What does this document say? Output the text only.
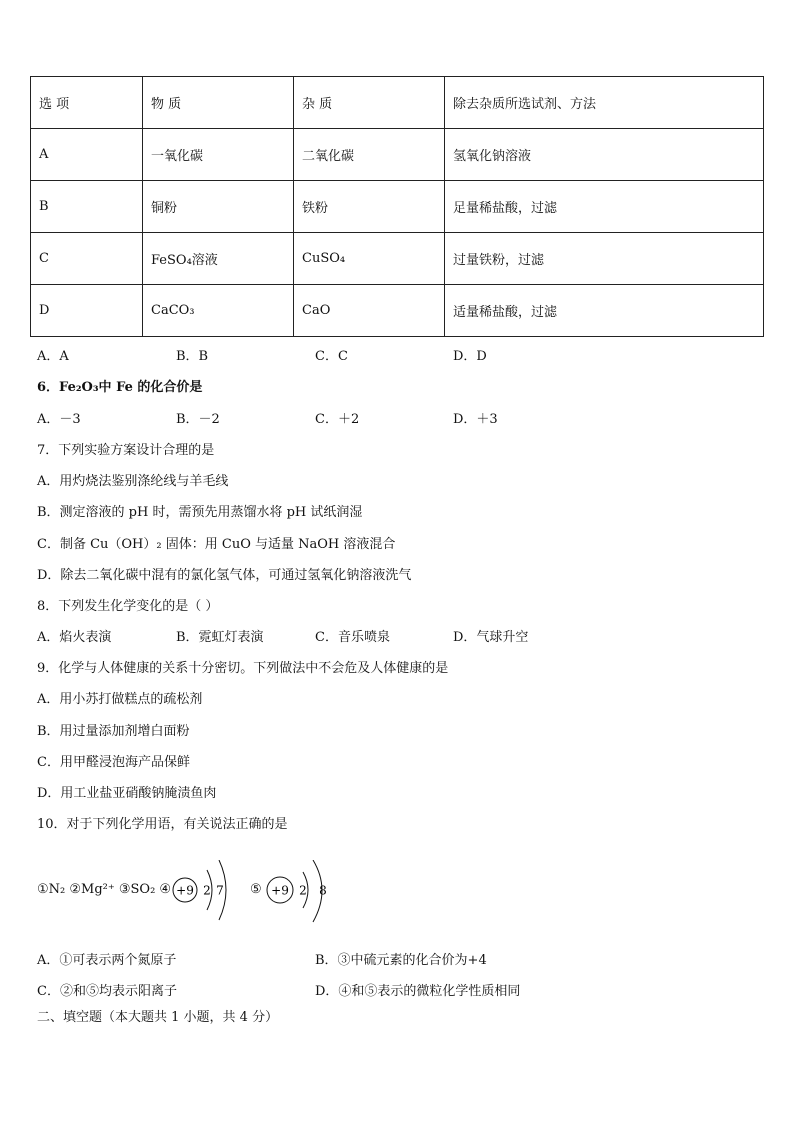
选 项	物 质	杂 质	除去杂质所选试剂、方法
A	一氧化碳	二氧化碳	氢氧化钠溶液
B	铜粉	铁粉	足量稀盐酸，过滤
C	FeSO₄溶液	CuSO₄	过量铁粉，过滤
D	CaCO₃	CaO	适量稀盐酸，过滤
A．A	B．B	C．C	D．D
6．Fe₂O₃中 Fe 的化合价是
A．－3	B．－2	C．＋2	D．＋3
7．下列实验方案设计合理的是
A．用灼烧法鉴别涤纶线与羊毛线
B．测定溶液的 pH 时，需预先用蒸馏水将 pH 试纸润湿
C．制备 Cu（OH）₂ 固体：用 CuO 与适量 NaOH 溶液混合
D．除去二氧化碳中混有的氯化氢气体，可通过氢氧化钠溶液洗气
8．下列发生化学变化的是（ ）
A．焰火表演	B．霓虹灯表演	C．音乐喷泉	D．气球升空
9．化学与人体健康的关系十分密切。下列做法中不会危及人体健康的是
A．用小苏打做糕点的疏松剂
B．用过量添加剂增白面粉
C．用甲醛浸泡海产品保鲜
D．用工业盐亚硝酸钠腌渍鱼肉
10．对于下列化学用语，有关说法正确的是
①N₂ ②Mg²⁺ ③SO₂ ④ +9 2 7 ⑤ +9 2 8
A．①可表示两个氮原子	B．③中硫元素的化合价为+4
C．②和⑤均表示阳离子	D．④和⑤表示的微粒化学性质相同
二、填空题（本大题共 1 小题，共 4 分）
